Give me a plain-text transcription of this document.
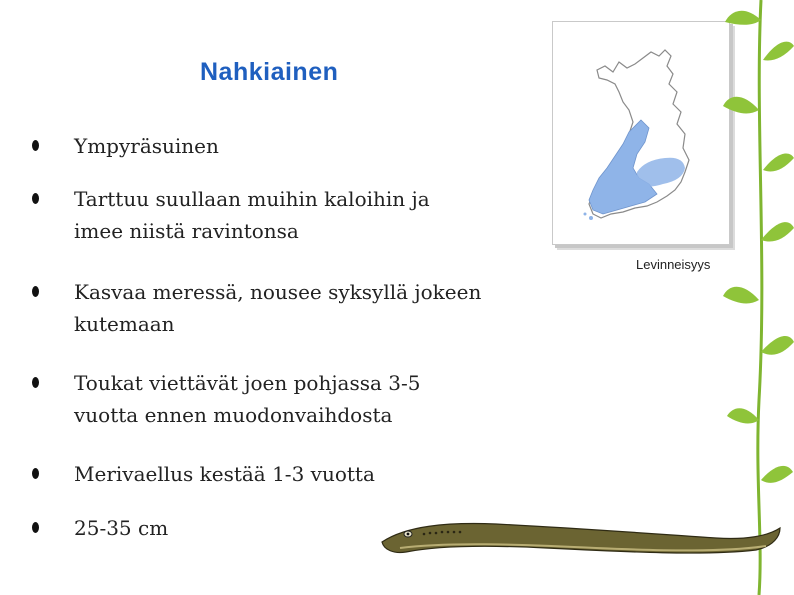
Nahkiainen
Ympyräsuinen
Tarttuu suullaan muihin kaloihin ja
imee niistä ravintonsa
Kasvaa meressä, nousee syksyllä jokeen
kutemaan
Toukat viettävät joen pohjassa 3-5
vuotta ennen muodonvaihdosta
Merivaellus kestää 1-3 vuotta
25-35 cm
Levinneisyys
